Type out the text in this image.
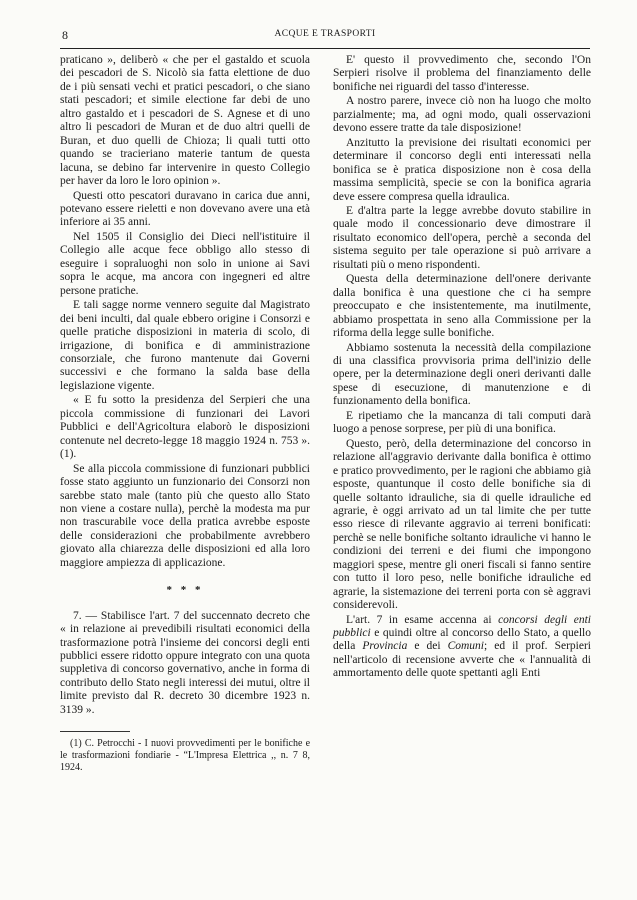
8	ACQUE E TRASPORTI

praticano », deliberò « che per el gastaldo et scuola dei pescadori de S. Nicolò sia fatta elettione de duo de i più sensati vechi et pratici pescadori, o che siano stati pescadori; et simile electione far debi de uno altro gastaldo et i pescadori de S. Agnese et di uno altro li pescadori de Muran et de duo altri quelli de Buran, et duo quelli de Chioza; li quali tutti otto quando se tracieriano materie tantum de questa lacuna, se debino far intervenire in questo Collegio per haver da loro le loro opinion ».

Questi otto pescatori duravano in carica due anni, potevano essere rieletti e non dovevano avere una età inferiore ai 35 anni.

Nel 1505 il Consiglio dei Dieci nell'istituire il Collegio alle acque fece obbligo allo stesso di eseguire i sopraluoghi non solo in unione ai Savi sopra le acque, ma ancora con ingegneri ed altre persone pratiche.

E tali sagge norme vennero seguite dal Magistrato dei beni inculti, dal quale ebbero origine i Consorzi e quelle pratiche disposizioni in materia di scolo, di irrigazione, di bonifica e di amministrazione consorziale, che furono mantenute dai Governi successivi e che formano la salda base della legislazione vigente.

« E fu sotto la presidenza del Serpieri che una piccola commissione di funzionari dei Lavori Pubblici e dell'Agricoltura elaborò le disposizioni contenute nel decreto-legge 18 maggio 1924 n. 753 ». (1).

Se alla piccola commissione di funzionari pubblici fosse stato aggiunto un funzionario dei Consorzi non sarebbe stato male (tanto più che questo allo Stato non viene a costare nulla), perchè la modesta ma pur non trascurabile voce della pratica avrebbe esposte delle considerazioni che probabilmente avrebbero giovato alla chiarezza delle disposizioni ed alla loro maggiore ampiezza di applicazione.

* * *

7. — Stabilisce l'art. 7 del succennato decreto che « in relazione ai prevedibili risultati economici della trasformazione potrà l'insieme dei concorsi degli enti pubblici essere ridotto oppure integrato con una quota suppletiva di concorso governativo, anche in forma di contributo dello Stato negli interessi dei mutui, oltre il limite previsto dal R. decreto 30 dicembre 1923 n. 3139 ».

(1) C. Petrocchi - I nuovi provvedimenti per le bonifiche e le trasformazioni fondiarie - “L'Impresa Elettrica ,, n. 7 8, 1924.

E' questo il provvedimento che, secondo l'On Serpieri risolve il problema del finanziamento delle bonifiche nei riguardi del tasso d'interesse.

A nostro parere, invece ciò non ha luogo che molto parzialmente; ma, ad ogni modo, quali osservazioni devono essere tratte da tale disposizione!

Anzitutto la previsione dei risultati economici per determinare il concorso degli enti interessati nella bonifica se è pratica disposizione non è cosa della massima semplicità, specie se con la bonifica agraria deve essere compresa quella idraulica.

E d'altra parte la legge avrebbe dovuto stabilire in quale modo il concessionario deve dimostrare il risultato economico dell'opera, perchè a seconda del sistema seguito per tale operazione si può arrivare a risultati più o meno rispondenti.

Questa della determinazione dell'onere derivante dalla bonifica è una questione che ci ha sempre preoccupato e che insistentemente, ma inutilmente, abbiamo prospettata in seno alla Commissione per la riforma della legge sulle bonifiche.

Abbiamo sostenuta la necessità della compilazione di una classifica provvisoria prima dell'inizio delle opere, per la determinazione degli oneri derivanti dalle spese di esecuzione, di manutenzione e di funzionamento della bonifica.

E ripetiamo che la mancanza di tali computi darà luogo a penose sorprese, per più di una bonifica.

Questo, però, della determinazione del concorso in relazione all'aggravio derivante dalla bonifica è ottimo e pratico provvedimento, per le ragioni che abbiamo già esposte, quantunque il costo delle bonifiche sia di quelle soltanto idrauliche, sia di quelle idrauliche ed agrarie, è oggi arrivato ad un tal limite che per tutte esso riesce di rilevante aggravio ai terreni bonificati: perchè se nelle bonifiche soltanto idrauliche vi hanno le condizioni dei terreni e dei fiumi che impongono maggiori spese, mentre gli oneri fiscali si fanno sentire con tutto il loro peso, nelle bonifiche idrauliche ed agrarie, la sistemazione dei terreni porta con sè aggravi considerevoli.

L'art. 7 in esame accenna ai concorsi degli enti pubblici e quindi oltre al concorso dello Stato, a quello della Provincia e dei Comuni; ed il prof. Serpieri nell'articolo di recensione avverte che « l'annualità di ammortamento delle quote spettanti agli Enti
